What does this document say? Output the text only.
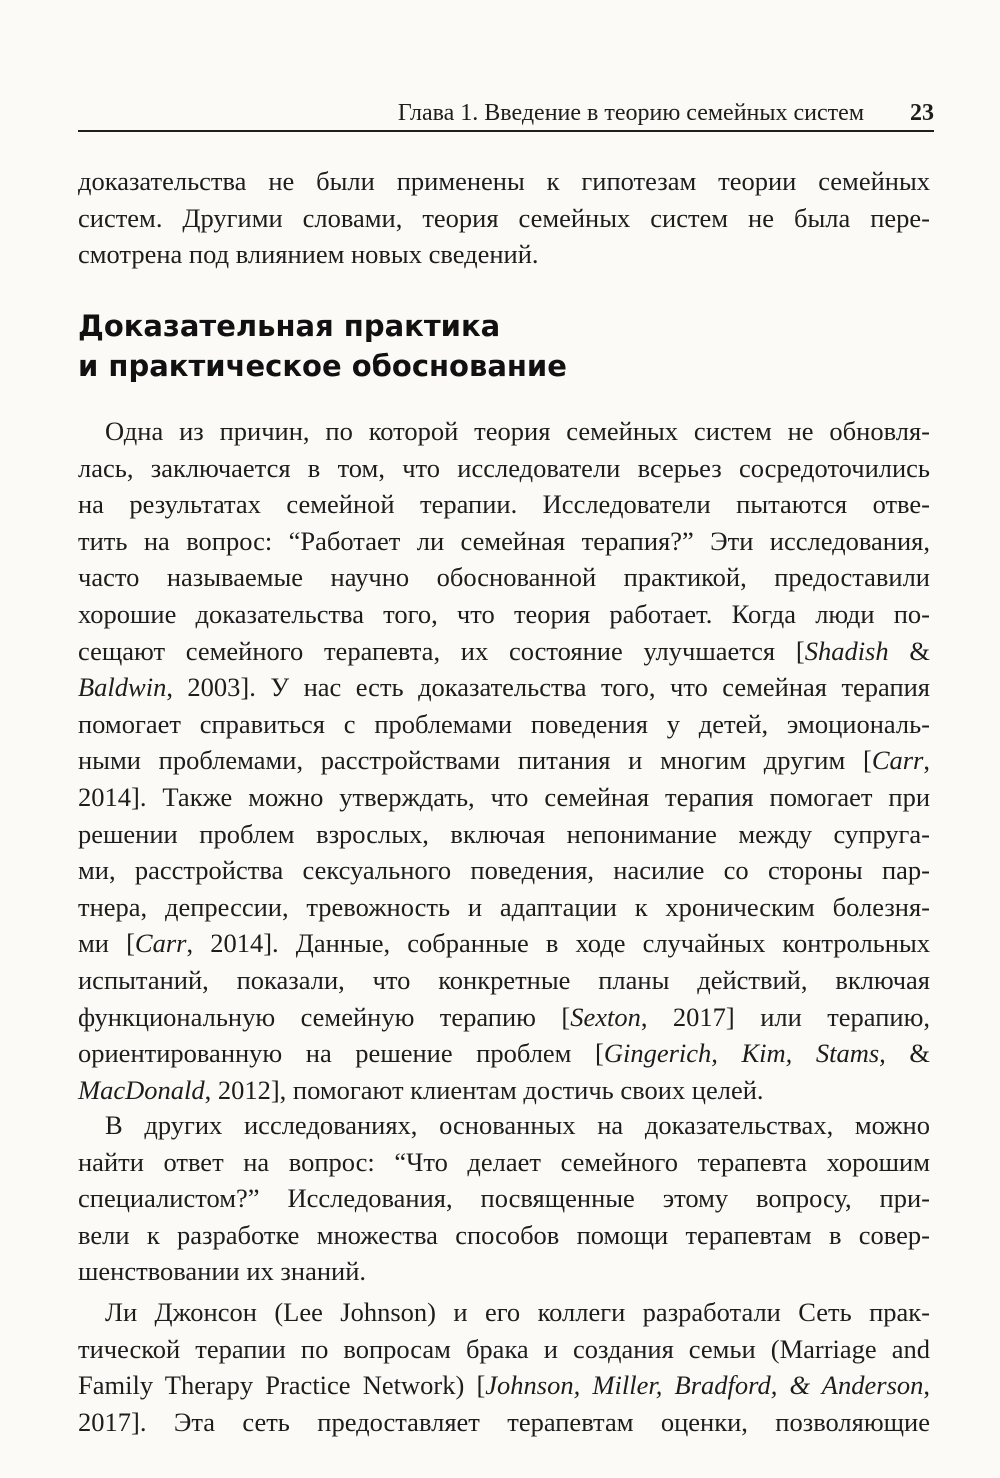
Глава 1. Введение в теорию семейных систем 23
доказательства не были применены к гипотезам теории семейных
систем. Другими словами, теория семейных систем не была пере-
смотрена под влиянием новых сведений.
Доказательная практика
и практическое обоснование
Одна из причин, по которой теория семейных систем не обновля-
лась, заключается в том, что исследователи всерьез сосредоточились
на результатах семейной терапии. Исследователи пытаются отве-
тить на вопрос: “Работает ли семейная терапия?” Эти исследования,
часто называемые научно обоснованной практикой, предоставили
хорошие доказательства того, что теория работает. Когда люди по-
сещают семейного терапевта, их состояние улучшается [Shadish &
Baldwin, 2003]. У нас есть доказательства того, что семейная терапия
помогает справиться с проблемами поведения у детей, эмоциональ-
ными проблемами, расстройствами питания и многим другим [Carr,
2014]. Также можно утверждать, что семейная терапия помогает при
решении проблем взрослых, включая непонимание между супруга-
ми, расстройства сексуального поведения, насилие со стороны пар-
тнера, депрессии, тревожность и адаптации к хроническим болезня-
ми [Carr, 2014]. Данные, собранные в ходе случайных контрольных
испытаний, показали, что конкретные планы действий, включая
функциональную семейную терапию [Sexton, 2017] или терапию,
ориентированную на решение проблем [Gingerich, Kim, Stams, &
MacDonald, 2012], помогают клиентам достичь своих целей.
В других исследованиях, основанных на доказательствах, можно
найти ответ на вопрос: “Что делает семейного терапевта хорошим
специалистом?” Исследования, посвященные этому вопросу, при-
вели к разработке множества способов помощи терапевтам в совер-
шенствовании их знаний.
Ли Джонсон (Lee Johnson) и его коллеги разработали Сеть прак-
тической терапии по вопросам брака и создания семьи (Marriage and
Family Therapy Practice Network) [Johnson, Miller, Bradford, & Anderson,
2017]. Эта сеть предоставляет терапевтам оценки, позволяющие
